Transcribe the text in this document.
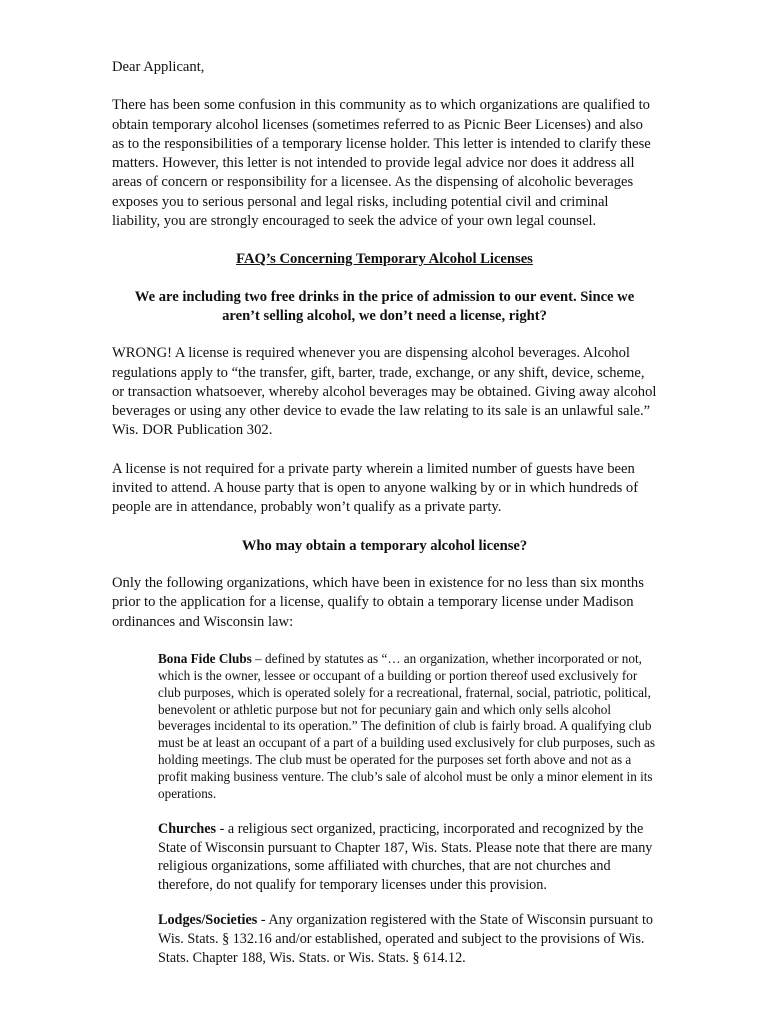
Dear Applicant,

There has been some confusion in this community as to which organizations are qualified to obtain temporary alcohol licenses (sometimes referred to as Picnic Beer Licenses) and also as to the responsibilities of a temporary license holder. This letter is intended to clarify these matters. However, this letter is not intended to provide legal advice nor does it address all areas of concern or responsibility for a licensee. As the dispensing of alcoholic beverages exposes you to serious personal and legal risks, including potential civil and criminal liability, you are strongly encouraged to seek the advice of your own legal counsel.

FAQ’s Concerning Temporary Alcohol Licenses

We are including two free drinks in the price of admission to our event. Since we aren’t selling alcohol, we don’t need a license, right?

WRONG! A license is required whenever you are dispensing alcohol beverages. Alcohol regulations apply to “the transfer, gift, barter, trade, exchange, or any shift, device, scheme, or transaction whatsoever, whereby alcohol beverages may be obtained. Giving away alcohol beverages or using any other device to evade the law relating to its sale is an unlawful sale.” Wis. DOR Publication 302.

A license is not required for a private party wherein a limited number of guests have been invited to attend. A house party that is open to anyone walking by or in which hundreds of people are in attendance, probably won’t qualify as a private party.

Who may obtain a temporary alcohol license?

Only the following organizations, which have been in existence for no less than six months prior to the application for a license, qualify to obtain a temporary license under Madison ordinances and Wisconsin law:

Bona Fide Clubs – defined by statutes as “… an organization, whether incorporated or not, which is the owner, lessee or occupant of a building or portion thereof used exclusively for club purposes, which is operated solely for a recreational, fraternal, social, patriotic, political, benevolent or athletic purpose but not for pecuniary gain and which only sells alcohol beverages incidental to its operation.” The definition of club is fairly broad. A qualifying club must be at least an occupant of a part of a building used exclusively for club purposes, such as holding meetings. The club must be operated for the purposes set forth above and not as a profit making business venture. The club’s sale of alcohol must be only a minor element in its operations.

Churches - a religious sect organized, practicing, incorporated and recognized by the State of Wisconsin pursuant to Chapter 187, Wis. Stats. Please note that there are many religious organizations, some affiliated with churches, that are not churches and therefore, do not qualify for temporary licenses under this provision.

Lodges/Societies - Any organization registered with the State of Wisconsin pursuant to Wis. Stats. § 132.16 and/or established, operated and subject to the provisions of Wis. Stats. Chapter 188, Wis. Stats. or Wis. Stats. § 614.12.
